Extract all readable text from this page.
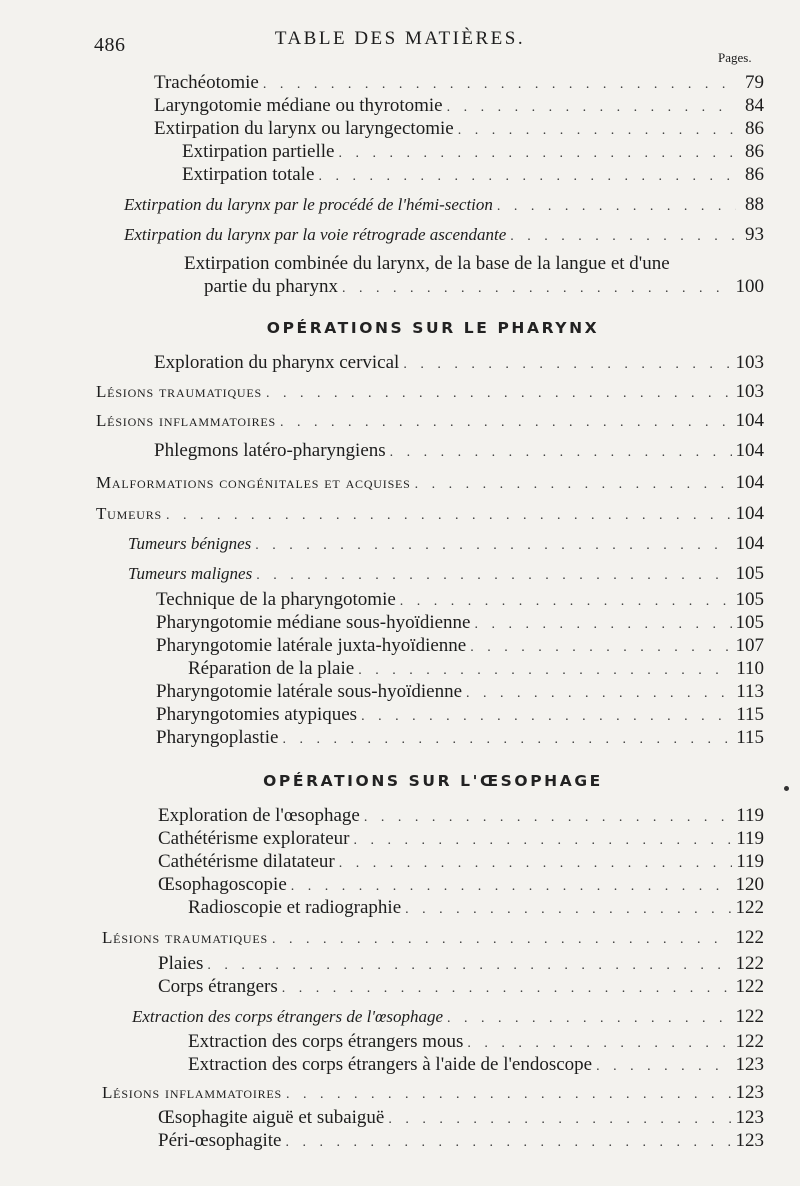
486	TABLE DES MATIÈRES.
Pages.
Trachéotomie . . .	79
Laryngotomie médiane ou thyrotomie . . .	84
Extirpation du larynx ou laryngectomie . . .	86
Extirpation partielle . . .	86
Extirpation totale . . .	86
Extirpation du larynx par le procédé de l'hémi-section . . .	88
Extirpation du larynx par la voie rétrograde ascendante . . .	93
Extirpation combinée du larynx, de la base de la langue et d'une
partie du pharynx . . .	100
OPÉRATIONS SUR LE PHARYNX
Exploration du pharynx cervical . . .	103
Lésions traumatiques . . .	103
Lésions inflammatoires . . .	104
Phlegmons latéro-pharyngiens . . .	104
Malformations congénitales et acquises . . .	104
Tumeurs . . .	104
Tumeurs bénignes . . .	104
Tumeurs malignes . . .	105
Technique de la pharyngotomie . . .	105
Pharyngotomie médiane sous-hyoïdienne . . .	105
Pharyngotomie latérale juxta-hyoïdienne . . .	107
Réparation de la plaie . . .	110
Pharyngotomie latérale sous-hyoïdienne . . .	113
Pharyngotomies atypiques . . .	115
Pharyngoplastie . . .	115
OPÉRATIONS SUR L'ŒSOPHAGE
Exploration de l'œsophage . . .	119
Cathétérisme explorateur . . .	119
Cathétérisme dilatateur . . .	119
Œsophagoscopie . . .	120
Radioscopie et radiographie . . .	122
Lésions traumatiques . . .	122
Plaies . . .	122
Corps étrangers . . .	122
Extraction des corps étrangers de l'œsophage . . .	122
Extraction des corps étrangers mous . . .	122
Extraction des corps étrangers à l'aide de l'endoscope . . .	123
Lésions inflammatoires . . .	123
Œsophagite aiguë et subaiguë . . .	123
Péri-œsophagite . . .	123
